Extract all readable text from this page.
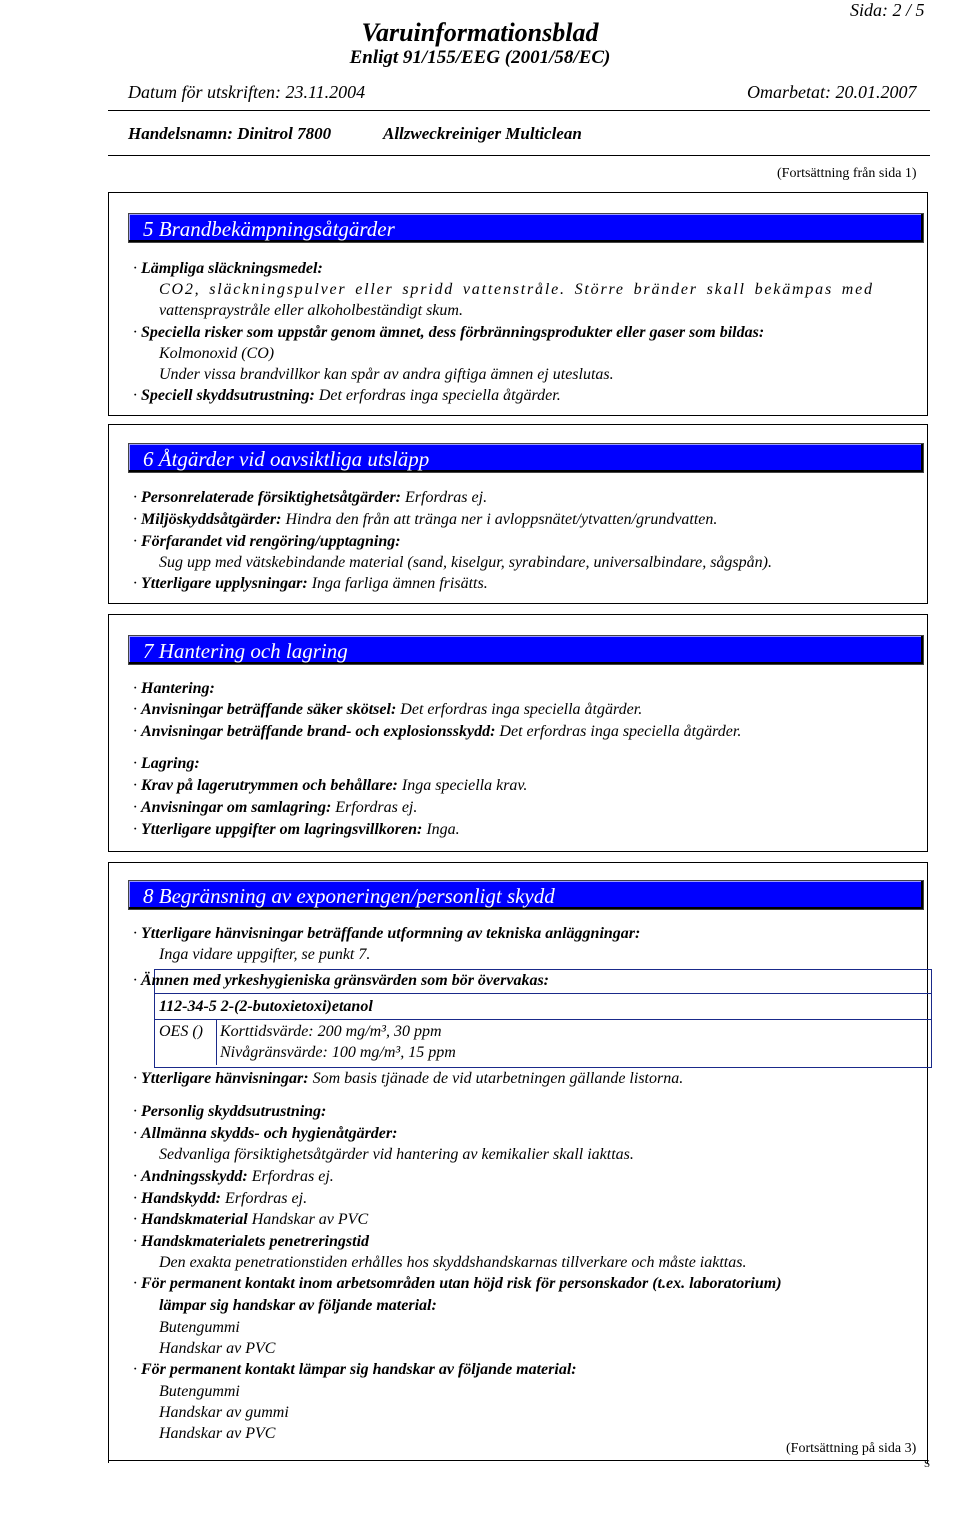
Sida: 2 / 5
Varuinformationsblad
Enligt 91/155/EEG (2001/58/EC)
Datum för utskriften: 23.11.2004	Omarbetat: 20.01.2007
Handelsnamn: Dinitrol 7800	Allzweckreiniger Multiclean
(Fortsättning från sida 1)
5 Brandbekämpningsåtgärder
· Lämpliga släckningsmedel:
CO2, släckningspulver eller spridd vattenstråle. Större bränder skall bekämpas med
vattenspraystråle eller alkoholbeständigt skum.
· Speciella risker som uppstår genom ämnet, dess förbränningsprodukter eller gaser som bildas:
Kolmonoxid (CO)
Under vissa brandvillkor kan spår av andra giftiga ämnen ej uteslutas.
· Speciell skyddsutrustning: Det erfordras inga speciella åtgärder.
6 Åtgärder vid oavsiktliga utsläpp
· Personrelaterade försiktighetsåtgärder: Erfordras ej.
· Miljöskyddsåtgärder: Hindra den från att tränga ner i avloppsnätet/ytvatten/grundvatten.
· Förfarandet vid rengöring/upptagning:
Sug upp med vätskebindande material (sand, kiselgur, syrabindare, universalbindare, sågspån).
· Ytterligare upplysningar: Inga farliga ämnen frisätts.
7 Hantering och lagring
· Hantering:
· Anvisningar beträffande säker skötsel: Det erfordras inga speciella åtgärder.
· Anvisningar beträffande brand- och explosionsskydd: Det erfordras inga speciella åtgärder.
· Lagring:
· Krav på lagerutrymmen och behållare: Inga speciella krav.
· Anvisningar om samlagring: Erfordras ej.
· Ytterligare uppgifter om lagringsvillkoren: Inga.
8 Begränsning av exponeringen/personligt skydd
· Ytterligare hänvisningar beträffande utformning av tekniska anläggningar:
Inga vidare uppgifter, se punkt 7.
· Ämnen med yrkeshygieniska gränsvärden som bör övervakas:
112-34-5 2-(2-butoxietoxi)etanol
OES () Korttidsvärde: 200 mg/m³, 30 ppm
Nivågränsvärde: 100 mg/m³, 15 ppm
· Ytterligare hänvisningar: Som basis tjänade de vid utarbetningen gällande listorna.
· Personlig skyddsutrustning:
· Allmänna skydds- och hygienåtgärder:
Sedvanliga försiktighetsåtgärder vid hantering av kemikalier skall iakttas.
· Andningsskydd: Erfordras ej.
· Handskydd: Erfordras ej.
· Handskmaterial Handskar av PVC
· Handskmaterialets penetreringstid
Den exakta penetrationstiden erhålles hos skyddshandskarnas tillverkare och måste iakttas.
· För permanent kontakt inom arbetsområden utan höjd risk för personskador (t.ex. laboratorium)
lämpar sig handskar av följande material:
Butengummi
Handskar av PVC
· För permanent kontakt lämpar sig handskar av följande material:
Butengummi
Handskar av gummi
Handskar av PVC
(Fortsättning på sida 3)
S
